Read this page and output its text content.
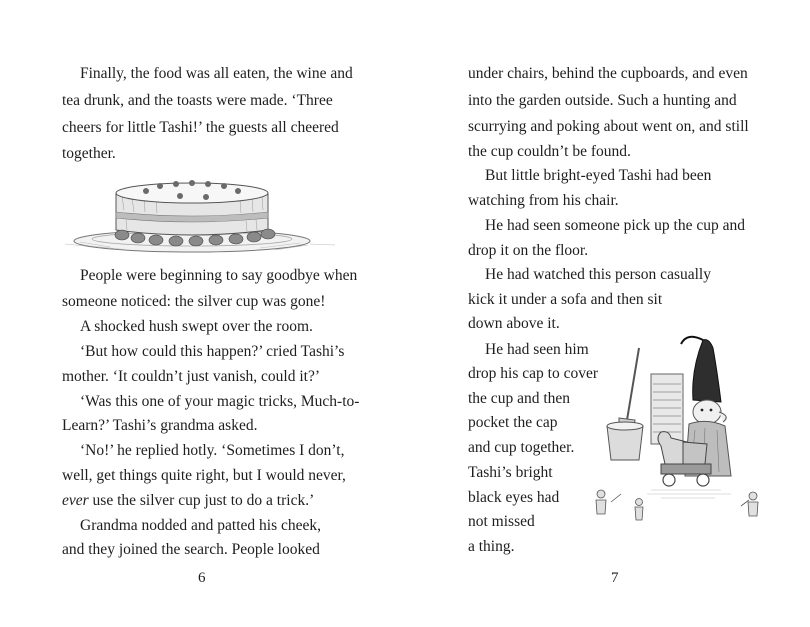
Finally, the food was all eaten, the wine and

tea drunk, and the toasts were made. ‘Three

cheers for little Tashi!’ the guests all cheered

together.

People were beginning to say goodbye when

someone noticed: the silver cup was gone!

A shocked hush swept over the room.

‘But how could this happen?’ cried Tashi’s

mother. ‘It couldn’t just vanish, could it?’

‘Was this one of your magic tricks, Much-to-

Learn?’ Tashi’s grandma asked.

‘No!’ he replied hotly. ‘Sometimes I don’t,

well, get things quite right, but I would never,

ever use the silver cup just to do a trick.’

Grandma nodded and patted his cheek,

and they joined the search. People looked

6

under chairs, behind the cupboards, and even

into the garden outside. Such a hunting and

scurrying and poking about went on, and still

the cup couldn’t be found.

But little bright-eyed Tashi had been

watching from his chair.

He had seen someone pick up the cup and

drop it on the floor.

He had watched this person casually

kick it under a sofa and then sit

down above it.

He had seen him

drop his cap to cover

the cup and then

pocket the cap

and cup together.

Tashi’s bright

black eyes had

not missed

a thing.

7
